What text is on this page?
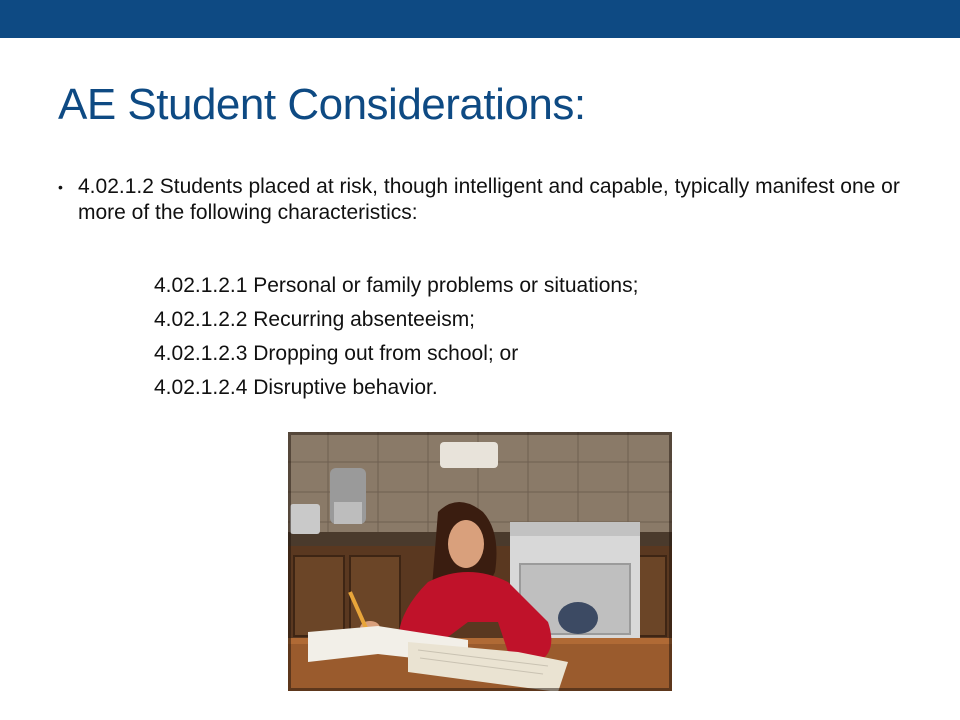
AE Student Considerations:
• 4.02.1.2 Students placed at risk, though intelligent and capable, typically manifest one or more of the following characteristics:
4.02.1.2.1 Personal or family problems or situations;
4.02.1.2.2 Recurring absenteeism;
4.02.1.2.3 Dropping out from school; or
4.02.1.2.4 Disruptive behavior.
